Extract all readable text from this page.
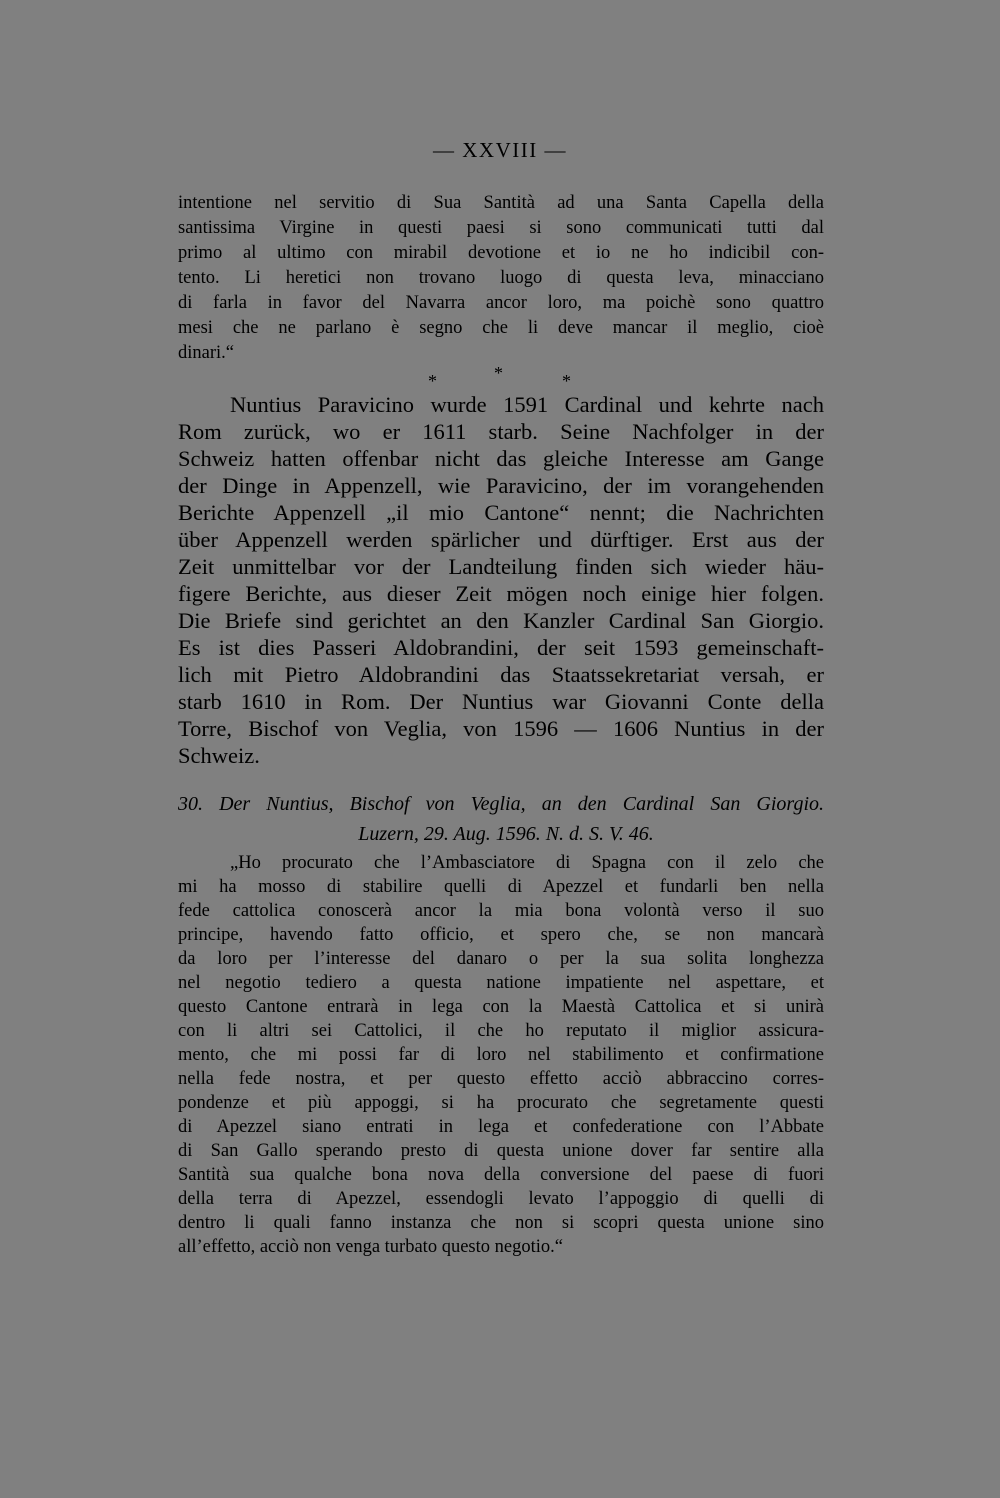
— XXVIII —
intentione nel servitio di Sua Santità ad una Santa Capella della
santissima Virgine in questi paesi si sono communicati tutti dal
primo al ultimo con mirabil devotione et io ne ho indicibil con-
tento. Li heretici non trovano luogo di questa leva, minacciano
di farla in favor del Navarra ancor loro, ma poichè sono quattro
mesi che ne parlano è segno che li deve mancar il meglio, cioè
dinari.“
*	*	*
Nuntius Paravicino wurde 1591 Cardinal und kehrte nach
Rom zurück, wo er 1611 starb. Seine Nachfolger in der
Schweiz hatten offenbar nicht das gleiche Interesse am Gange
der Dinge in Appenzell, wie Paravicino, der im vorangehenden
Berichte Appenzell „il mio Cantone“ nennt; die Nachrichten
über Appenzell werden spärlicher und dürftiger. Erst aus der
Zeit unmittelbar vor der Landteilung finden sich wieder häu-
figere Berichte, aus dieser Zeit mögen noch einige hier folgen.
Die Briefe sind gerichtet an den Kanzler Cardinal San Giorgio.
Es ist dies Passeri Aldobrandini, der seit 1593 gemeinschaft-
lich mit Pietro Aldobrandini das Staatssekretariat versah, er
starb 1610 in Rom. Der Nuntius war Giovanni Conte della
Torre, Bischof von Veglia, von 1596 — 1606 Nuntius in der
Schweiz.
30. Der Nuntius, Bischof von Veglia, an den Cardinal San Giorgio.
Luzern, 29. Aug. 1596. N. d. S. V. 46.
„Ho procurato che l’Ambasciatore di Spagna con il zelo che
mi ha mosso di stabilire quelli di Apezzel et fundarli ben nella
fede cattolica conoscerà ancor la mia bona volontà verso il suo
principe, havendo fatto officio, et spero che, se non mancarà
da loro per l’interesse del danaro o per la sua solita longhezza
nel negotio tediero a questa natione impatiente nel aspettare, et
questo Cantone entrarà in lega con la Maestà Cattolica et si unirà
con li altri sei Cattolici, il che ho reputato il miglior assicura-
mento, che mi possi far di loro nel stabilimento et confirmatione
nella fede nostra, et per questo effetto acciò abbraccino corres-
pondenze et più appoggi, si ha procurato che segretamente questi
di Apezzel siano entrati in lega et confederatione con l’Abbate
di San Gallo sperando presto di questa unione dover far sentire alla
Santità sua qualche bona nova della conversione del paese di fuori
della terra di Apezzel, essendogli levato l’appoggio di quelli di
dentro li quali fanno instanza che non si scopri questa unione sino
all’effetto, acciò non venga turbato questo negotio.“
